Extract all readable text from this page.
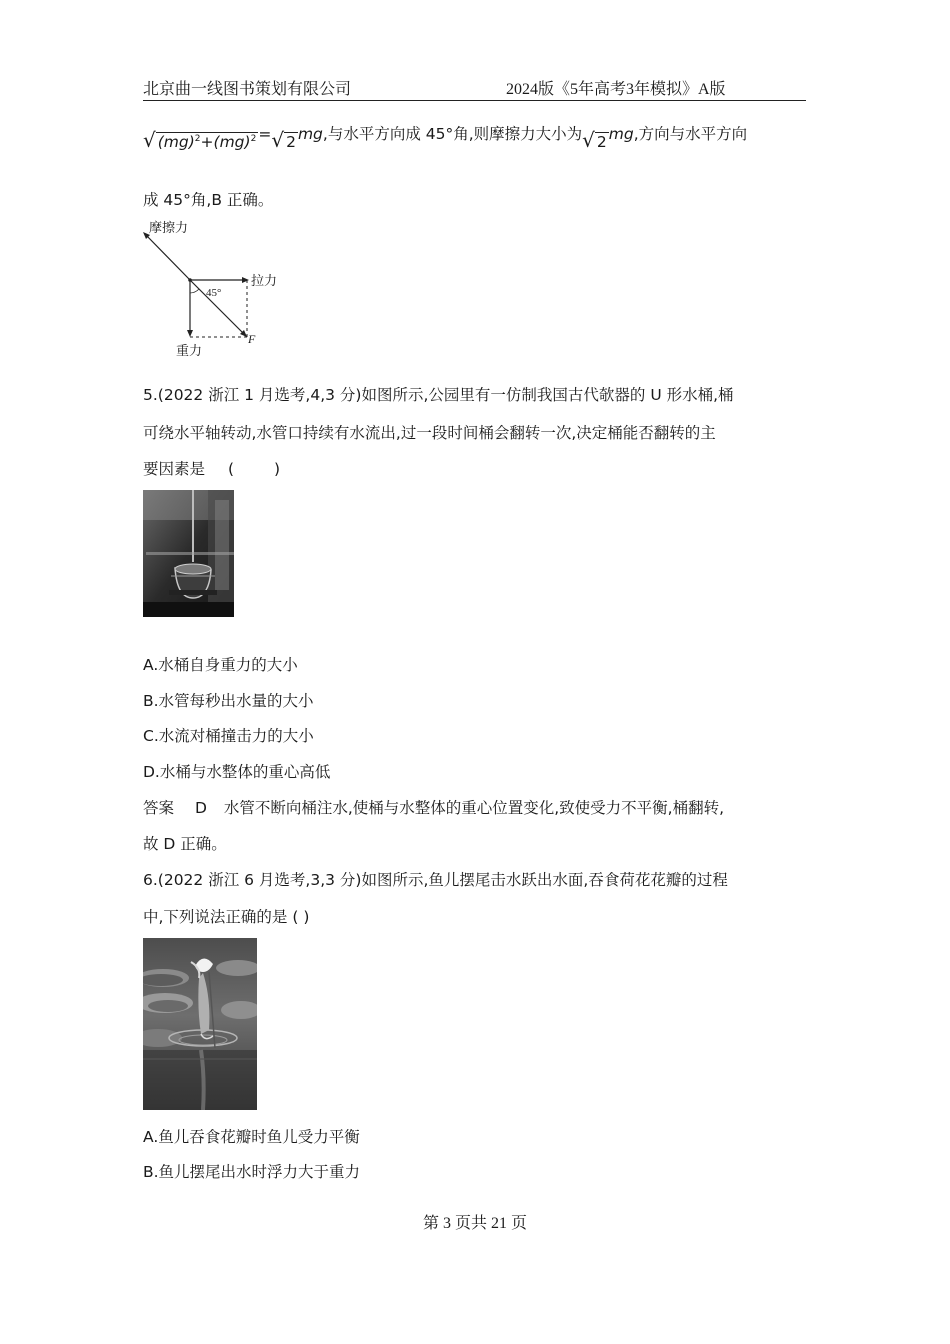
北京曲一线图书策划有限公司	2024版《5年高考3年模拟》A版
√ (mg)$^2$+(mg)$^2$ =√ 2 mg,与水平方向成 45°角,则摩擦力大小为√ 2 mg,方向与水平方向
成 45°角,B 正确。
摩擦力
拉力
重力
45°
F
5.(2022 浙江 1 月选考,4,3 分)如图所示,公园里有一仿制我国古代欹器的 U 形水桶,桶
可绕水平轴转动,水管口持续有水流出,过一段时间桶会翻转一次,决定桶能否翻转的主
要因素是 (	)
A.水桶自身重力的大小
B.水管每秒出水量的大小
C.水流对桶撞击力的大小
D.水桶与水整体的重心高低
答案 D 水管不断向桶注水,使桶与水整体的重心位置变化,致使受力不平衡,桶翻转,
故 D 正确。
6.(2022 浙江 6 月选考,3,3 分)如图所示,鱼儿摆尾击水跃出水面,吞食荷花花瓣的过程
中,下列说法正确的是 ( )
A.鱼儿吞食花瓣时鱼儿受力平衡
B.鱼儿摆尾出水时浮力大于重力
第 3 页共 21 页
